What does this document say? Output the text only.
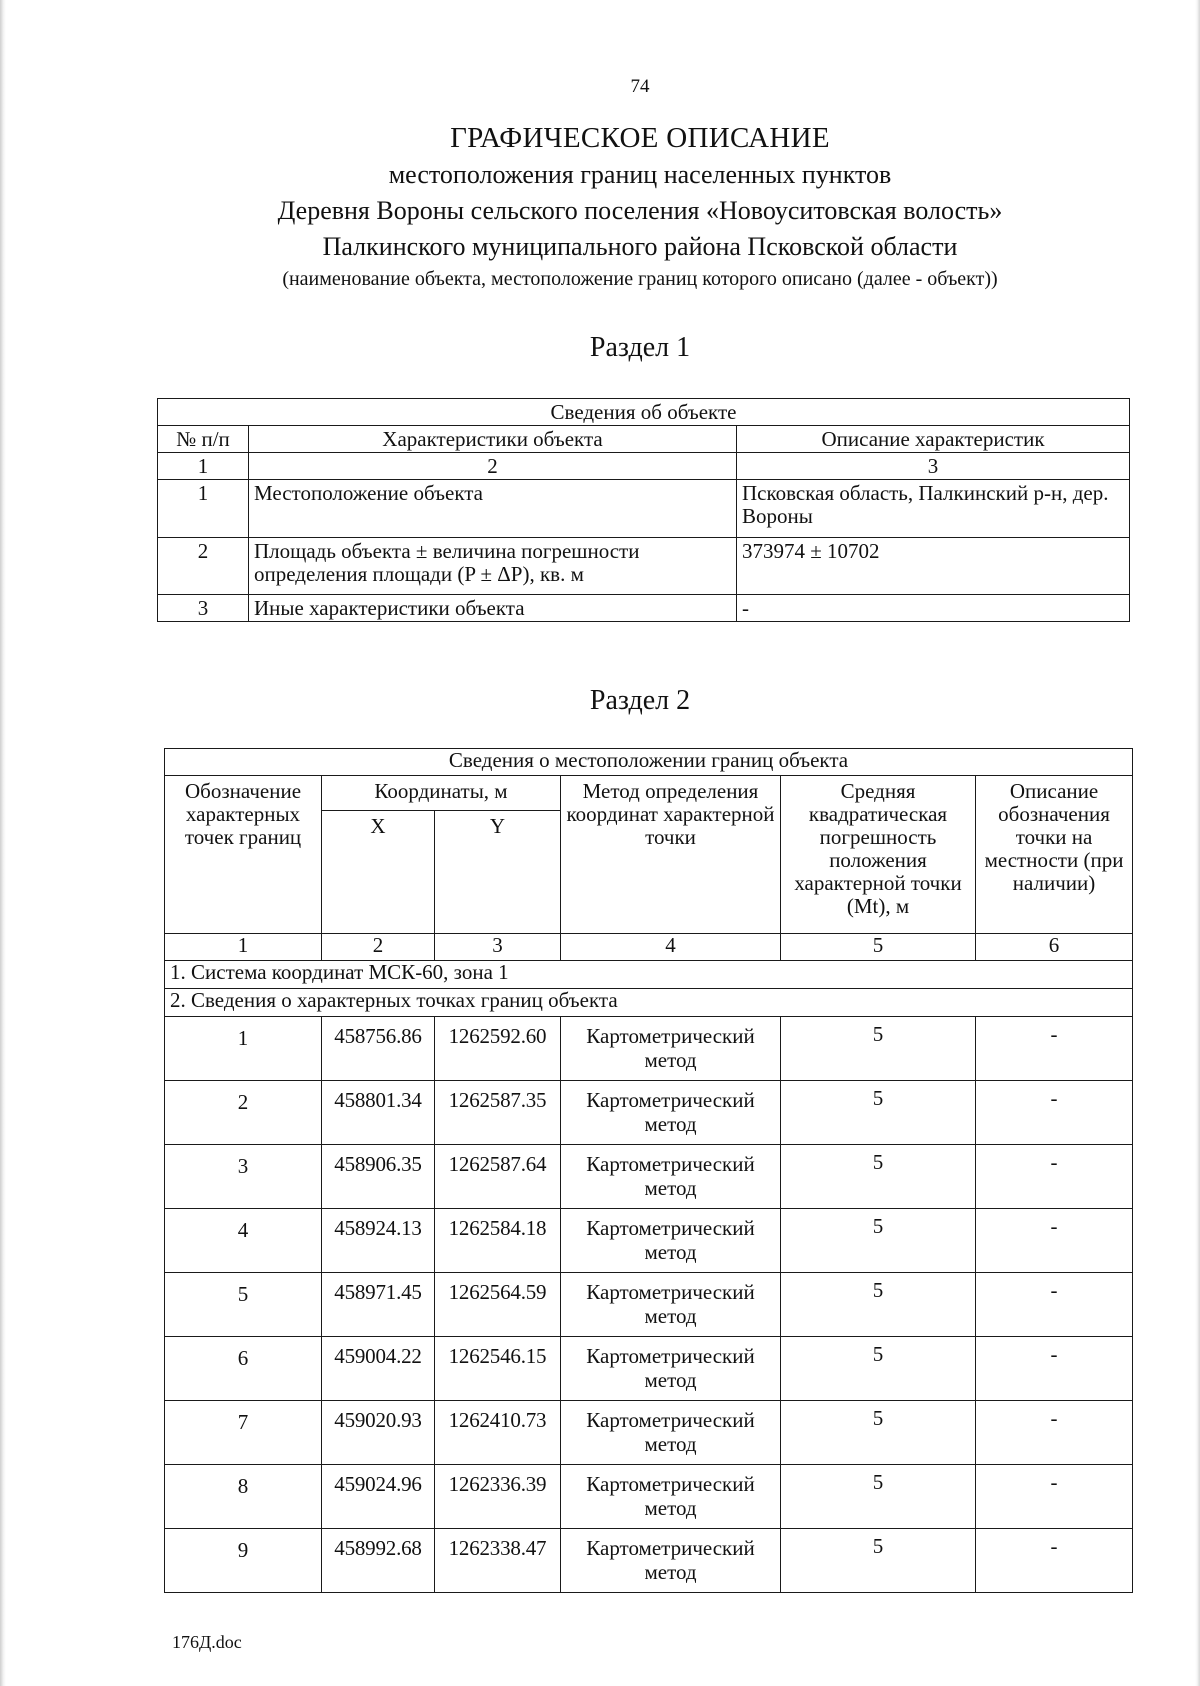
74
ГРАФИЧЕСКОЕ ОПИСАНИЕ
местоположения границ населенных пунктов
Деревня Вороны сельского поселения «Новоуситовская волость»
Палкинского муниципального района Псковской области
(наименование объекта, местоположение границ которого описано (далее - объект))
Раздел 1
Сведения об объекте		
№ п/п	Характеристики объекта	Описание характеристик
1	2	3
1	Местоположение объекта	Псковская область, Палкинский р-н, дер. Вороны
2	Площадь объекта ± величина погрешности определения площади (P ± ΔP), кв. м	373974 ± 10702
3	Иные характеристики объекта	-
Раздел 2
Сведения о местоположении границ объекта					
Обозначение характерных точек границ	Координаты, м		Метод определения координат характерной точки	Средняя квадратическая погрешность положения характерной точки (Mt), м	Описание обозначения точки на местности (при наличии)
	X	Y			
1	2	3	4	5	6
1. Система координат МСК-60, зона 1					
2. Сведения о характерных точках границ объекта					
1	458756.86	1262592.60	Картометрический метод	5	-
2	458801.34	1262587.35	Картометрический метод	5	-
3	458906.35	1262587.64	Картометрический метод	5	-
4	458924.13	1262584.18	Картометрический метод	5	-
5	458971.45	1262564.59	Картометрический метод	5	-
6	459004.22	1262546.15	Картометрический метод	5	-
7	459020.93	1262410.73	Картометрический метод	5	-
8	459024.96	1262336.39	Картометрический метод	5	-
9	458992.68	1262338.47	Картометрический метод	5	-
176Д.doc
